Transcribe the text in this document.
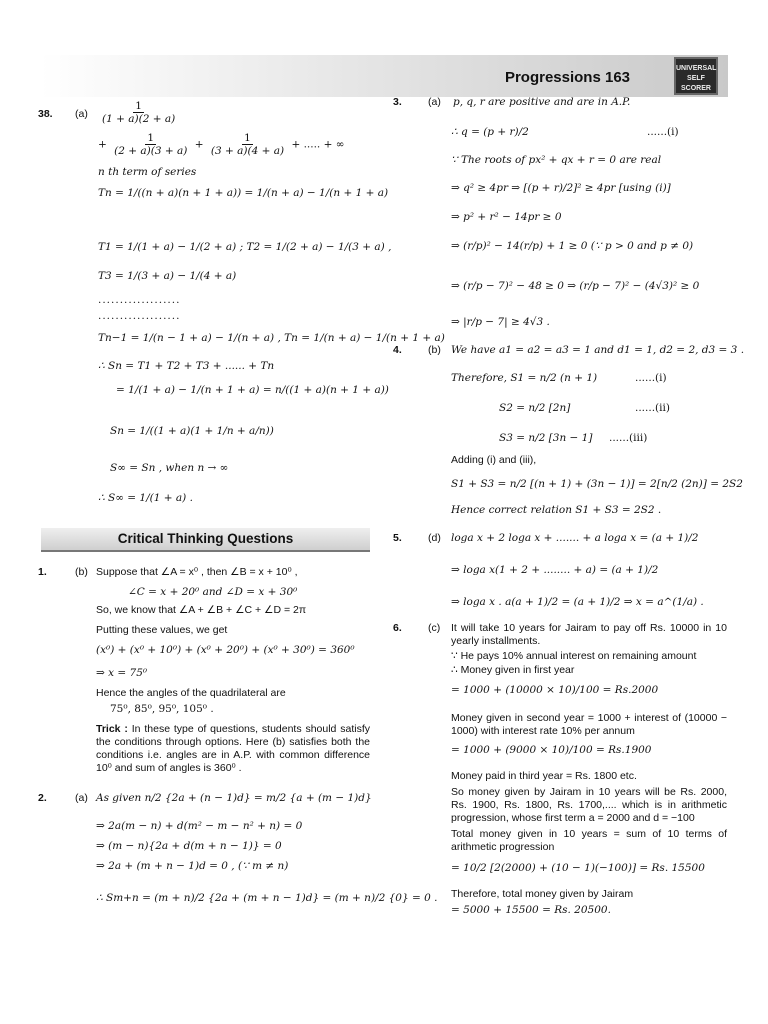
Progressions 163
UNIVERSAL
SELF SCORER
38. $(a) \frac{1}{(1 + a)(2 + a)}$
+ $\frac{1}{(2 + a)(3 + a)} + \frac{1}{(3 + a)(4 + a)}$ + ..... + ∞
n th term of series
Tn = 1/((n + a)(n + 1 + a)) = 1/(n + a) − 1/(n + 1 + a)
T1 = 1/(1 + a) − 1/(2 + a) ; T2 = 1/(2 + a) − 1/(3 + a) ,
T3 = 1/(3 + a) − 1/(4 + a)
...................
...................
Tn−1 = 1/(n − 1 + a) − 1/(n + a) , Tn = 1/(n + a) − 1/(n + 1 + a)
∴ Sn = T1 + T2 + T3 + ...... + Tn
= 1/(1 + a) − 1/(n + 1 + a) = n/((1 + a)(n + 1 + a))
Sn = 1/((1 + a)(1 + 1/n + a/n))
S∞ = Sn , when n → ∞
∴ S∞ = 1/(1 + a) .
Critical Thinking Questions
1.	(b) Suppose that ∠A = x⁰ , then ∠B = x + 10⁰ ,
∠C = x + 20⁰ and ∠D = x + 30⁰
So, we know that ∠A + ∠B + ∠C + ∠D = 2π
Putting these values, we get
(x⁰) + (x⁰ + 10⁰) + (x⁰ + 20⁰) + (x⁰ + 30⁰) = 360⁰
⇒ x = 75⁰
Hence the angles of the quadrilateral are
75⁰, 85⁰, 95⁰, 105⁰ .
Trick : In these type of questions, students should satisfy the conditions through options. Here (b) satisfies both the conditions i.e. angles are in A.P. with common difference 10⁰ and sum of angles is 360⁰ .
2.	(a) As given n/2 {2a + (n − 1)d} = m/2 {a + (m − 1)d}
⇒ 2a(m − n) + d(m² − m − n² + n) = 0
⇒ (m − n){2a + d(m + n − 1)} = 0
⇒ 2a + (m + n − 1)d = 0 , (∵ m ≠ n)
∴ Sm+n = (m + n)/2 {2a + (m + n − 1)d} = (m + n)/2 {0} = 0 .
3. (a) p, q, r are positive and are in A.P.
∴ q = (p + r)/2	......(i)
∵ The roots of px² + qx + r = 0 are real
⇒ q² ≥ 4pr ⇒ [(p + r)/2]² ≥ 4pr [using (i)]
⇒ p² + r² − 14pr ≥ 0
⇒ (r/p)² − 14(r/p) + 1 ≥ 0 (∵ p > 0 and p ≠ 0)
⇒ (r/p − 7)² − 48 ≥ 0 ⇒ (r/p − 7)² − (4√3)² ≥ 0
⇒ |r/p − 7| ≥ 4√3 .
4. (b) We have a1 = a2 = a3 = 1 and d1 = 1, d2 = 2, d3 = 3 .
Therefore, S1 = n/2 (n + 1)	......(i)
S2 = n/2 [2n]	......(ii)
S3 = n/2 [3n − 1] ......(iii)
Adding (i) and (iii),
S1 + S3 = n/2 [(n + 1) + (3n − 1)] = 2[n/2 (2n)] = 2S2
Hence correct relation S1 + S3 = 2S2 .
5. (d) loga x + 2 loga x + ....... + a loga x = (a + 1)/2
⇒ loga x(1 + 2 + ........ + a) = (a + 1)/2
⇒ loga x . a(a + 1)/2 = (a + 1)/2 ⇒ x = a^(1/a) .
6. (c) It will take 10 years for Jairam to pay off Rs. 10000 in 10 yearly installments.
∵ He pays 10% annual interest on remaining amount
∴ Money given in first year
= 1000 + (10000 × 10)/100 = Rs.2000
Money given in second year = 1000 + interest of (10000 − 1000) with interest rate 10% per annum
= 1000 + (9000 × 10)/100 = Rs.1900
Money paid in third year = Rs. 1800 etc.
So money given by Jairam in 10 years will be Rs. 2000, Rs. 1900, Rs. 1800, Rs. 1700,.... which is in arithmetic progression, whose first term a = 2000 and d = −100
Total money given in 10 years = sum of 10 terms of arithmetic progression
= 10/2 [2(2000) + (10 − 1)(−100)] = Rs. 15500
Therefore, total money given by Jairam
= 5000 + 15500 = Rs. 20500.
